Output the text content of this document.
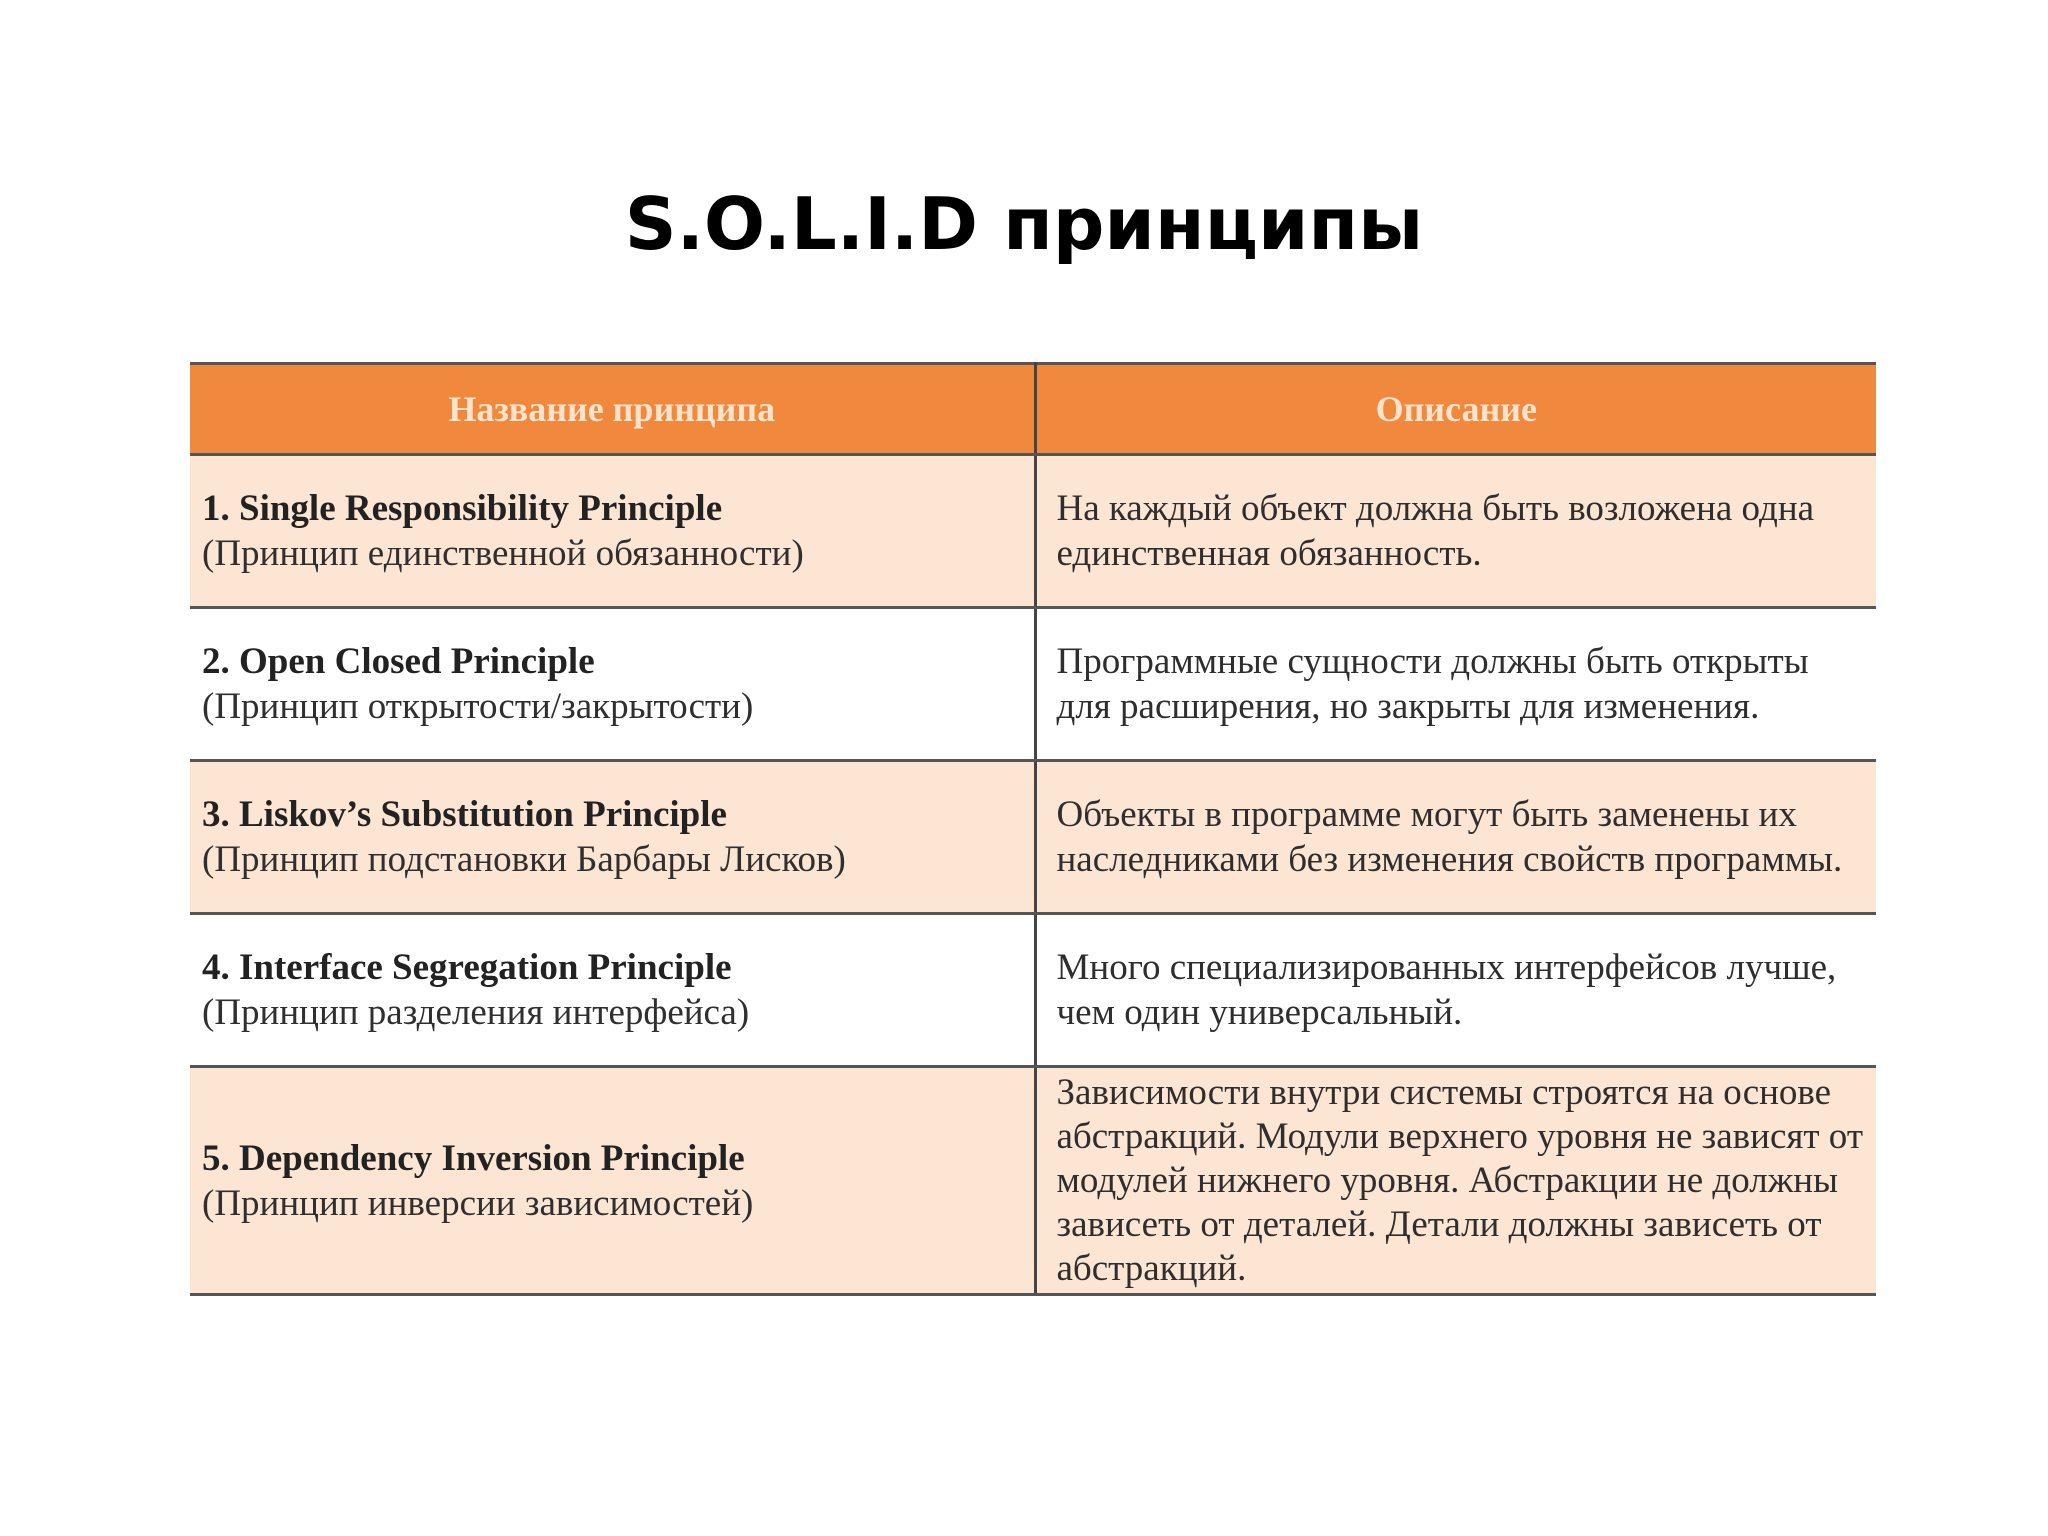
S.O.L.I.D принципы
Название принципа	Описание

1. Single Responsibility Principle
(Принцип единственной обязанности)	На каждый объект должна быть возложена одна единственная обязанность.

2. Open Closed Principle
(Принцип открытости/закрытости)	Программные сущности должны быть открыты для расширения, но закрыты для изменения.

3. Liskov’s Substitution Principle
(Принцип подстановки Барбары Лисков)	Объекты в программе могут быть заменены их наследниками без изменения свойств программы.

4. Interface Segregation Principle
(Принцип разделения интерфейса)	Много специализированных интерфейсов лучше, чем один универсальный.

5. Dependency Inversion Principle
(Принцип инверсии зависимостей)	Зависимости внутри системы строятся на основе абстракций. Модули верхнего уровня не зависят от модулей нижнего уровня. Абстракции не должны зависеть от деталей. Детали должны зависеть от абстракций.
